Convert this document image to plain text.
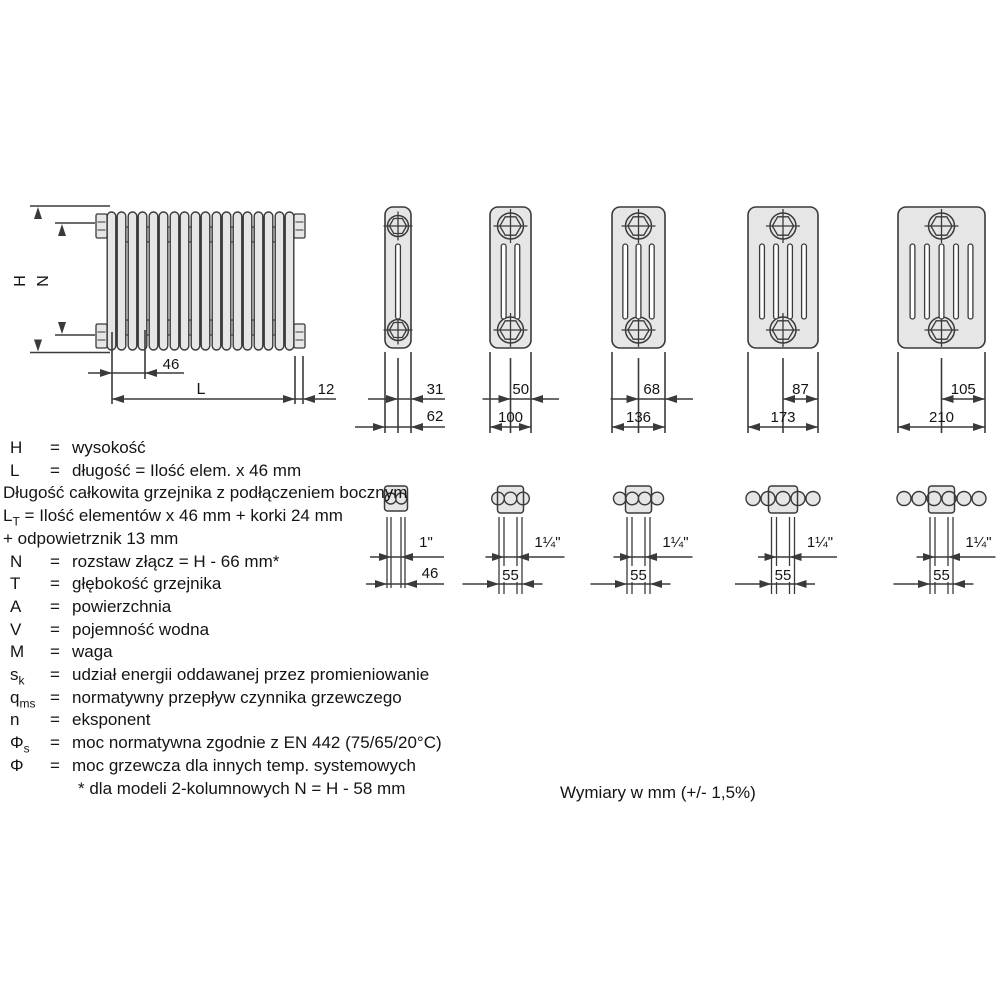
H N
46
L	12	31
62
1"
46
50
100
1¼"
55
68
136
1¼"
55
87
173
1¼"
55
105
210
1¼"
55
H	= wysokość
L	= długość = Ilość elem. x 46 mm
Długość całkowita grzejnika z podłączeniem bocznym
$L_T$ = Ilość elementów x 46 mm + korki 24 mm
+ odpowietrznik 13 mm
N	= rozstaw złącz = H - 66 mm*
T	= głębokość grzejnika
A	= powierzchnia
V	= pojemność wodna
M	= waga
$s_k$	= udział energii oddawanej przez promieniowanie
$q_{ms}$ = normatywny przepływ czynnika grzewczego
n	= eksponent
$\Phi_s$	= moc normatywna zgodnie z EN 442 (75/65/20°C)
Φ	= moc grzewcza dla innych temp. systemowych
* dla modeli 2-kolumnowych N = H - 58 mm	Wymiary w mm (+/- 1,5%)
